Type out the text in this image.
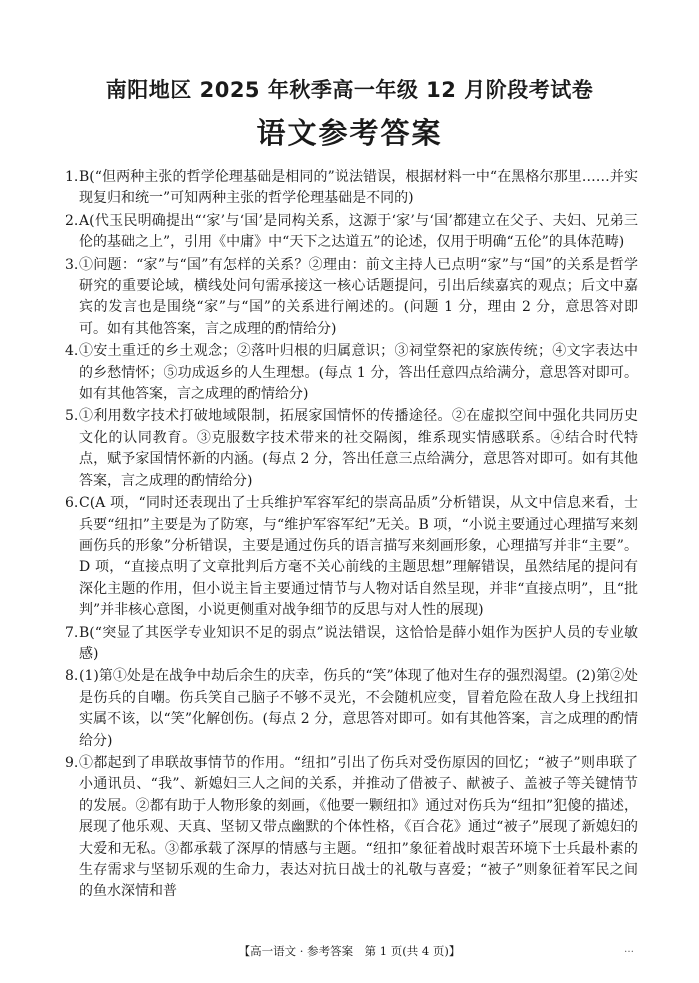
南阳地区 2025 年秋季高一年级 12 月阶段考试卷
语文参考答案
1. B(“但两种主张的哲学伦理基础是相同的”说法错误，根据材料一中“在黑格尔那里……并实现复归和统一”可知两种主张的哲学伦理基础是不同的)
2. A(代玉民明确提出“‘家’与‘国’是同构关系，这源于‘家’与‘国’都建立在父子、夫妇、兄弟三伦的基础之上”，引用《中庸》中“天下之达道五”的论述，仅用于明确“五伦”的具体范畴)
3. ①问题：“家”与“国”有怎样的关系？②理由：前文主持人已点明“家”与“国”的关系是哲学研究的重要论域，横线处问句需承接这一核心话题提问，引出后续嘉宾的观点；后文中嘉宾的发言也是围绕“家”与“国”的关系进行阐述的。(问题 1 分，理由 2 分，意思答对即可。如有其他答案，言之成理的酌情给分)
4. ①安土重迁的乡土观念；②落叶归根的归属意识；③祠堂祭祀的家族传统；④文字表达中的乡愁情怀；⑤功成返乡的人生理想。(每点 1 分，答出任意四点给满分，意思答对即可。如有其他答案，言之成理的酌情给分)
5. ①利用数字技术打破地域限制，拓展家国情怀的传播途径。②在虚拟空间中强化共同历史文化的认同教育。③克服数字技术带来的社交隔阂，维系现实情感联系。④结合时代特点，赋予家国情怀新的内涵。(每点 2 分，答出任意三点给满分，意思答对即可。如有其他答案，言之成理的酌情给分)
6. C(A 项，“同时还表现出了士兵维护军容军纪的崇高品质”分析错误，从文中信息来看，士兵要“纽扣”主要是为了防寒，与“维护军容军纪”无关。B 项，“小说主要通过心理描写来刻画伤兵的形象”分析错误，主要是通过伤兵的语言描写来刻画形象，心理描写并非“主要”。D 项，“直接点明了文章批判后方毫不关心前线的主题思想”理解错误，虽然结尾的提问有深化主题的作用，但小说主旨主要通过情节与人物对话自然呈现，并非“直接点明”，且“批判”并非核心意图，小说更侧重对战争细节的反思与对人性的展现)
7. B(“突显了其医学专业知识不足的弱点”说法错误，这恰恰是薛小姐作为医护人员的专业敏感)
8. (1)第①处是在战争中劫后余生的庆幸，伤兵的“笑”体现了他对生存的强烈渴望。(2)第②处是伤兵的自嘲。伤兵笑自己脑子不够不灵光，不会随机应变，冒着危险在敌人身上找纽扣实属不该，以“笑”化解创伤。(每点 2 分，意思答对即可。如有其他答案，言之成理的酌情给分)
9. ①都起到了串联故事情节的作用。“纽扣”引出了伤兵对受伤原因的回忆；“被子”则串联了小通讯员、“我”、新媳妇三人之间的关系，并推动了借被子、献被子、盖被子等关键情节的发展。②都有助于人物形象的刻画，《他要一颗纽扣》通过对伤兵为“纽扣”犯傻的描述，展现了他乐观、天真、坚韧又带点幽默的个体性格，《百合花》通过“被子”展现了新媳妇的大爱和无私。③都承载了深厚的情感与主题。“纽扣”象征着战时艰苦环境下士兵最朴素的生存需求与坚韧乐观的生命力，表达对抗日战士的礼敬与喜爱；“被子”则象征着军民之间的鱼水深情和普
【高一语文 · 参考答案　第 1 页(共 4 页)】	…
